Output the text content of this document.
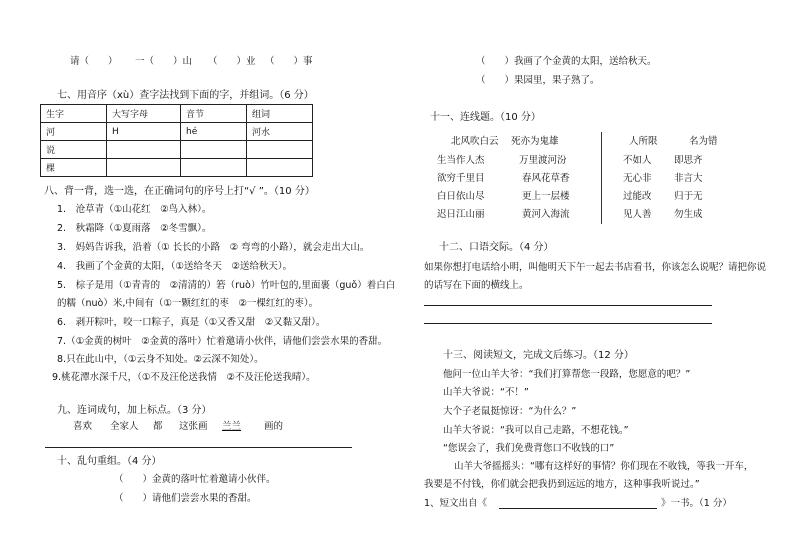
请（　　） 一（　　）山 （　　）业 （　　）事
七、用音序（xù）查字法找到下面的字，并组词。（6 分）
生字	大写字母	音节	组词
河	H	hé	河水
说			
棵			
八、背一背，选一选，在正确词句的序号上打“√ ”。（10 分）
1.　沧草青（①山花红　②鸟入林）。
2.　秋霜降（①夏雨落　②冬雪飘）。
3.　妈妈告诉我，沿着（① 长长的小路　② 弯弯的小路），就会走出大山。
4.　我画了个金黄的太阳，（①送给冬天　②送给秋天）。
5.　棕子是用（①青青的　②清清的）箬（ruò）竹叶包的,里面裹（guǒ）着白白
的糯（nuò）米,中间有（①一颗红红的枣　②一棵红红的枣）。
6.　剥开粽叶，咬一口粽子，真是（①又香又甜　②又黏又甜）。
7.（①金黄的树叶　②金黄的落叶）忙着邀请小伙伴，请他们尝尝水果的香甜。
8.只在此山中，（①云身不知处。②云深不知处）。
9.桃花潭水深千尺，（①不及汪伦送我情　②不及汪伦送我晴）。
九、连词成句，加上标点。（3 分）
喜欢 全家人 都 这张画 兰兰 画的
十、乱句重组。（4 分）
（　　）金黄的落叶忙着邀请小伙伴。
（　　）请他们尝尝水果的香甜。
（　　）我画了个金黄的太阳，送给秋天。
（　　）果园里，果子熟了。
十一、连线题。（10 分）
北风吹白云
生当作人杰
欲穷千里目
白日依山尽
迟日江山丽
死亦为鬼雄
万里渡河汾
春风花草香
更上一层楼
黄河入海流
人所限
不如人
无心非
过能改
见人善
名为错
即思齐
非言大
归于无
勿生成
十二、口语交际。（4 分）
如果你想打电话给小明，叫他明天下午一起去书店看书，你该怎么说呢？请把你说
的话写在下面的横线上。
十三、阅读短文，完成文后练习。（12 分）
他问一位山羊大爷：“我们打算帮您一段路，您愿意的吧？”
山羊大爷说：“不！”
大个子老鼠挺惊讶：“为什么？”
山羊大爷说：“我可以自己走路，不想花钱。”
“您误会了，我们免费背您口不收钱的口”
山羊大爷摇摇头：“哪有这样好的事情？你们现在不收钱，等我一开车，
我要是不付钱，你们就会把我扔到远远的地方，这种事我听说过。”
1、短文出自《	》一书。（1 分）
